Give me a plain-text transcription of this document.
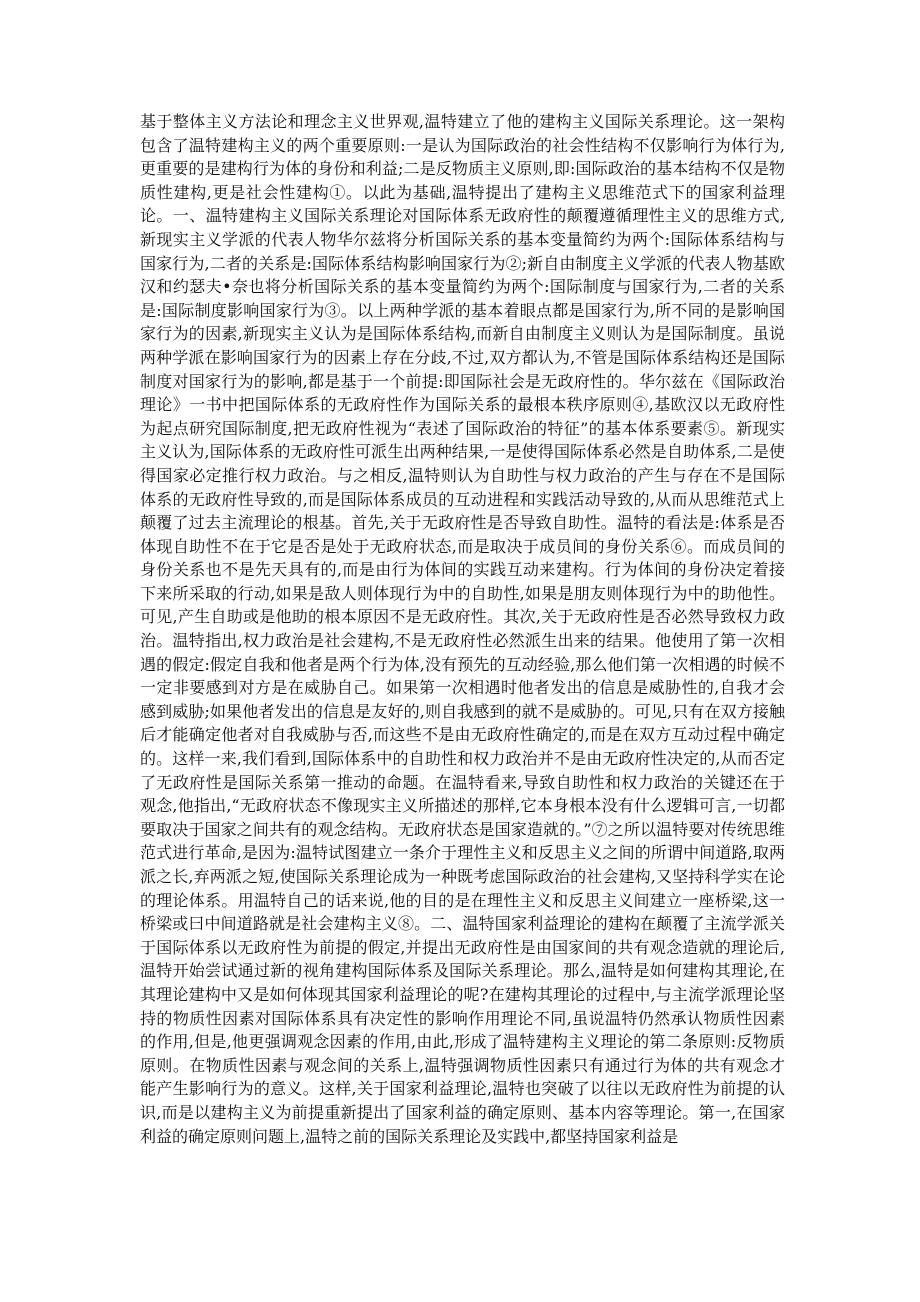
基于整体主义方法论和理念主义世界观,温特建立了他的建构主义国际关系理论。这一架构包含了温特建构主义的两个重要原则:一是认为国际政治的社会性结构不仅影响行为体行为,更重要的是建构行为体的身份和利益;二是反物质主义原则,即:国际政治的基本结构不仅是物质性建构,更是社会性建构①。以此为基础,温特提出了建构主义思维范式下的国家利益理论。一、温特建构主义国际关系理论对国际体系无政府性的颠覆遵循理性主义的思维方式,新现实主义学派的代表人物华尔兹将分析国际关系的基本变量简约为两个:国际体系结构与国家行为,二者的关系是:国际体系结构影响国家行为②;新自由制度主义学派的代表人物基欧汉和约瑟夫•奈也将分析国际关系的基本变量简约为两个:国际制度与国家行为,二者的关系是:国际制度影响国家行为③。以上两种学派的基本着眼点都是国家行为,所不同的是影响国家行为的因素,新现实主义认为是国际体系结构,而新自由制度主义则认为是国际制度。虽说两种学派在影响国家行为的因素上存在分歧,不过,双方都认为,不管是国际体系结构还是国际制度对国家行为的影响,都是基于一个前提:即国际社会是无政府性的。华尔兹在《国际政治理论》一书中把国际体系的无政府性作为国际关系的最根本秩序原则④,基欧汉以无政府性为起点研究国际制度,把无政府性视为“表述了国际政治的特征”的基本体系要素⑤。新现实主义认为,国际体系的无政府性可派生出两种结果,一是使得国际体系必然是自助体系,二是使得国家必定推行权力政治。与之相反,温特则认为自助性与权力政治的产生与存在不是国际体系的无政府性导致的,而是国际体系成员的互动进程和实践活动导致的,从而从思维范式上颠覆了过去主流理论的根基。首先,关于无政府性是否导致自助性。温特的看法是:体系是否体现自助性不在于它是否是处于无政府状态,而是取决于成员间的身份关系⑥。而成员间的身份关系也不是先天具有的,而是由行为体间的实践互动来建构。行为体间的身份决定着接下来所采取的行动,如果是敌人则体现行为中的自助性,如果是朋友则体现行为中的助他性。可见,产生自助或是他助的根本原因不是无政府性。其次,关于无政府性是否必然导致权力政治。温特指出,权力政治是社会建构,不是无政府性必然派生出来的结果。他使用了第一次相遇的假定:假定自我和他者是两个行为体,没有预先的互动经验,那么他们第一次相遇的时候不一定非要感到对方是在威胁自己。如果第一次相遇时他者发出的信息是威胁性的,自我才会感到威胁;如果他者发出的信息是友好的,则自我感到的就不是威胁的。可见,只有在双方接触后才能确定他者对自我威胁与否,而这些不是由无政府性确定的,而是在双方互动过程中确定的。这样一来,我们看到,国际体系中的自助性和权力政治并不是由无政府性决定的,从而否定了无政府性是国际关系第一推动的命题。在温特看来,导致自助性和权力政治的关键还在于观念,他指出,“无政府状态不像现实主义所描述的那样,它本身根本没有什么逻辑可言,一切都要取决于国家之间共有的观念结构。无政府状态是国家造就的。”⑦之所以温特要对传统思维范式进行革命,是因为:温特试图建立一条介于理性主义和反思主义之间的所谓中间道路,取两派之长,弃两派之短,使国际关系理论成为一种既考虑国际政治的社会建构,又坚持科学实在论的理论体系。用温特自己的话来说,他的目的是在理性主义和反思主义间建立一座桥梁,这一桥梁或曰中间道路就是社会建构主义⑧。二、温特国家利益理论的建构在颠覆了主流学派关于国际体系以无政府性为前提的假定,并提出无政府性是由国家间的共有观念造就的理论后,温特开始尝试通过新的视角建构国际体系及国际关系理论。那么,温特是如何建构其理论,在其理论建构中又是如何体现其国家利益理论的呢?在建构其理论的过程中,与主流学派理论坚持的物质性因素对国际体系具有决定性的影响作用理论不同,虽说温特仍然承认物质性因素的作用,但是,他更强调观念因素的作用,由此,形成了温特建构主义理论的第二条原则:反物质原则。在物质性因素与观念间的关系上,温特强调物质性因素只有通过行为体的共有观念才能产生影响行为的意义。这样,关于国家利益理论,温特也突破了以往以无政府性为前提的认识,而是以建构主义为前提重新提出了国家利益的确定原则、基本内容等理论。第一,在国家利益的确定原则问题上,温特之前的国际关系理论及实践中,都坚持国家利益是
